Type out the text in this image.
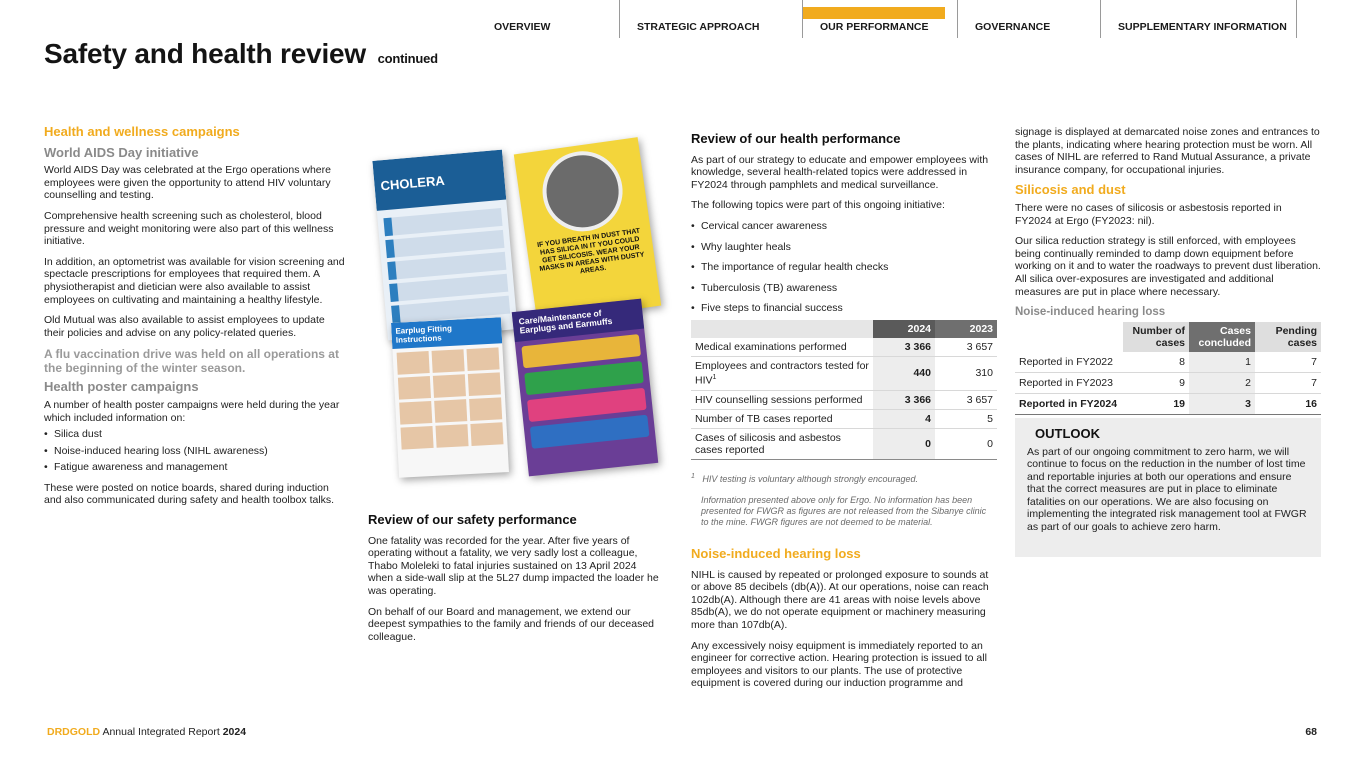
OVERVIEW	STRATEGIC APPROACH	OUR PERFORMANCE	GOVERNANCE	SUPPLEMENTARY INFORMATION
Safety and health review continued
Health and wellness campaigns
World AIDS Day initiative

World AIDS Day was celebrated at the Ergo operations where employees were given the opportunity to attend HIV voluntary counselling and testing.

Comprehensive health screening such as cholesterol, blood pressure and weight monitoring were also part of this wellness initiative.

In addition, an optometrist was available for vision screening and spectacle prescriptions for employees that required them. A physiotherapist and dietician were also available to assist employees on cultivating and maintaining a healthy lifestyle.

Old Mutual was also available to assist employees to update their policies and advise on any policy-related queries.

A flu vaccination drive was held on all operations at the beginning of the winter season.
Health poster campaigns

A number of health poster campaigns were held during the year which included information on:

• Silica dust
• Noise-induced hearing loss (NIHL awareness)
• Fatigue awareness and management

These were posted on notice boards, shared during induction and also communicated during safety and health toolbox talks.

CHOLERA
IF YOU BREATH IN DUST THAT HAS SILICA IN IT YOU COULD GET SILICOSIS. WEAR YOUR MASKS IN AREAS WITH DUSTY AREAS.
Earplug Fitting Instructions
Care/Maintenance of Earplugs and Earmuffs
Review of our safety performance

One fatality was recorded for the year. After five years of operating without a fatality, we very sadly lost a colleague, Thabo Moleleki to fatal injuries sustained on 13 April 2024 when a side-wall slip at the 5L27 dump impacted the loader he was operating.

On behalf of our Board and management, we extend our deepest sympathies to the family and friends of our deceased colleague.

Review of our health performance

As part of our strategy to educate and empower employees with knowledge, several health-related topics were addressed in FY2024 through pamphlets and medical surveillance.

The following topics were part of this ongoing initiative:

• Cervical cancer awareness
• Why laughter heals
• The importance of regular health checks
• Tuberculosis (TB) awareness
• Five steps to financial success
	2024	2023
Medical examinations performed	3 366	3 657
Employees and contractors tested for HIV$^1$	440	310
HIV counselling sessions performed	3 366	3 657
Number of TB cases reported	4	5
Cases of silicosis and asbestos cases reported	0	0

$^1$ HIV testing is voluntary although strongly encouraged.

Information presented above only for Ergo. No information has been presented for FWGR as figures are not released from the Sibanye clinic to the mine. FWGR figures are not deemed to be material.

Noise-induced hearing loss

NIHL is caused by repeated or prolonged exposure to sounds at or above 85 decibels (db(A)). At our operations, noise can reach 102db(A). Although there are 41 areas with noise levels above 85db(A), we do not operate equipment or machinery measuring more than 107db(A).

Any excessively noisy equipment is immediately reported to an engineer for corrective action. Hearing protection is issued to all employees and visitors to our plants. The use of protective equipment is covered during our induction programme and

signage is displayed at demarcated noise zones and entrances to the plants, indicating where hearing protection must be worn. All cases of NIHL are referred to Rand Mutual Assurance, a private insurance company, for occupational injuries.

Silicosis and dust

There were no cases of silicosis or asbestosis reported in FY2024 at Ergo (FY2023: nil).

Our silica reduction strategy is still enforced, with employees being continually reminded to damp down equipment before working on it and to water the roadways to prevent dust liberation. All silica over-exposures are investigated and additional measures are put in place where necessary.

Noise-induced hearing loss
	Number of cases	Cases concluded	Pending cases
Reported in FY2022	8	1	7
Reported in FY2023	9	2	7
Reported in FY2024	19	3	16
OUTLOOK

As part of our ongoing commitment to zero harm, we will continue to focus on the reduction in the number of lost time and reportable injuries at both our operations and ensure that the correct measures are put in place to eliminate fatalities on our operations. We are also focusing on implementing the integrated risk management tool at FWGR as part of our goals to achieve zero harm.

DRDGOLD Annual Integrated Report 2024	68
